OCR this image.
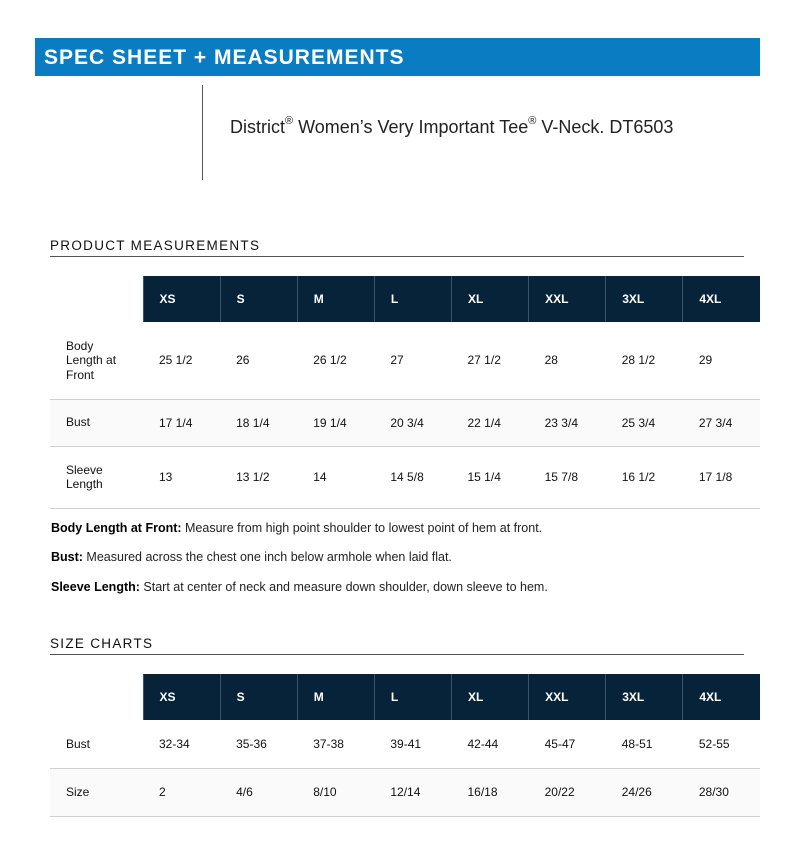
SPEC SHEET + MEASUREMENTS
District® Women’s Very Important Tee® V-Neck. DT6503
PRODUCT MEASUREMENTS
	XS	S	M	L	XL	XXL	3XL	4XL

Body Length at Front	25 1/2	26	26 1/2	27	27 1/2	28	28 1/2	29
Bust	17 1/4	18 1/4	19 1/4	20 3/4	22 1/4	23 3/4	25 3/4	27 3/4

Sleeve Length	13	13 1/2	14	14 5/8	15 1/4	15 7/8	16 1/2	17 1/8
Body Length at Front: Measure from high point shoulder to lowest point of hem at front.
Bust: Measured across the chest one inch below armhole when laid flat.
Sleeve Length: Start at center of neck and measure down shoulder, down sleeve to hem.
SIZE CHARTS
	XS	S	M	L	XL	XXL	3XL	4XL
Bust	32-34	35-36	37-38	39-41	42-44	45-47	48-51	52-55
Size	2	4/6	8/10	12/14	16/18	20/22	24/26	28/30
